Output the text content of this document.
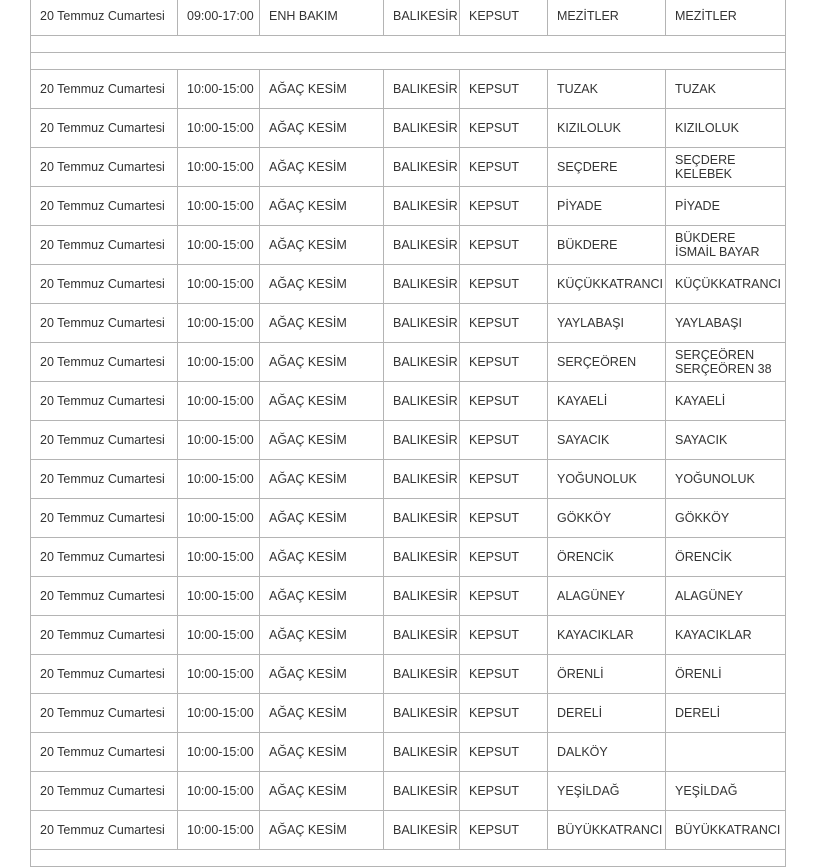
20 Temmuz Cumartesi	09:00-17:00	ENH BAKIM	BALIKESİR	KEPSUT	MEZİTLER	MEZİTLER

20 Temmuz Cumartesi	10:00-15:00	AĞAÇ KESİM	BALIKESİR	KEPSUT	TUZAK	TUZAK

20 Temmuz Cumartesi	10:00-15:00	AĞAÇ KESİM	BALIKESİR	KEPSUT	KIZILOLUK	KIZILOLUK

20 Temmuz Cumartesi	10:00-15:00	AĞAÇ KESİM	BALIKESİR	KEPSUT	SEÇDERE	SEÇDERE
KELEBEK

20 Temmuz Cumartesi	10:00-15:00	AĞAÇ KESİM	BALIKESİR	KEPSUT	PİYADE	PİYADE

20 Temmuz Cumartesi	10:00-15:00	AĞAÇ KESİM	BALIKESİR	KEPSUT	BÜKDERE	BÜKDERE
İSMAİL BAYAR

20 Temmuz Cumartesi	10:00-15:00	AĞAÇ KESİM	BALIKESİR	KEPSUT	KÜÇÜKKATRANCI	KÜÇÜKKATRANCI

20 Temmuz Cumartesi	10:00-15:00	AĞAÇ KESİM	BALIKESİR	KEPSUT	YAYLABAŞI	YAYLABAŞI

20 Temmuz Cumartesi	10:00-15:00	AĞAÇ KESİM	BALIKESİR	KEPSUT	SERÇEÖREN	SERÇEÖREN
SERÇEÖREN 38

20 Temmuz Cumartesi	10:00-15:00	AĞAÇ KESİM	BALIKESİR	KEPSUT	KAYAELİ	KAYAELİ

20 Temmuz Cumartesi	10:00-15:00	AĞAÇ KESİM	BALIKESİR	KEPSUT	SAYACIK	SAYACIK

20 Temmuz Cumartesi	10:00-15:00	AĞAÇ KESİM	BALIKESİR	KEPSUT	YOĞUNOLUK	YOĞUNOLUK

20 Temmuz Cumartesi	10:00-15:00	AĞAÇ KESİM	BALIKESİR	KEPSUT	GÖKKÖY	GÖKKÖY

20 Temmuz Cumartesi	10:00-15:00	AĞAÇ KESİM	BALIKESİR	KEPSUT	ÖRENCİK	ÖRENCİK

20 Temmuz Cumartesi	10:00-15:00	AĞAÇ KESİM	BALIKESİR	KEPSUT	ALAGÜNEY	ALAGÜNEY

20 Temmuz Cumartesi	10:00-15:00	AĞAÇ KESİM	BALIKESİR	KEPSUT	KAYACIKLAR	KAYACIKLAR

20 Temmuz Cumartesi	10:00-15:00	AĞAÇ KESİM	BALIKESİR	KEPSUT	ÖRENLİ	ÖRENLİ

20 Temmuz Cumartesi	10:00-15:00	AĞAÇ KESİM	BALIKESİR	KEPSUT	DERELİ	DERELİ

20 Temmuz Cumartesi	10:00-15:00	AĞAÇ KESİM	BALIKESİR	KEPSUT	DALKÖY	
20 Temmuz Cumartesi	10:00-15:00	AĞAÇ KESİM	BALIKESİR	KEPSUT	YEŞİLDAĞ	YEŞİLDAĞ

20 Temmuz Cumartesi	10:00-15:00	AĞAÇ KESİM	BALIKESİR	KEPSUT	BÜYÜKKATRANCI	BÜYÜKKATRANCI
